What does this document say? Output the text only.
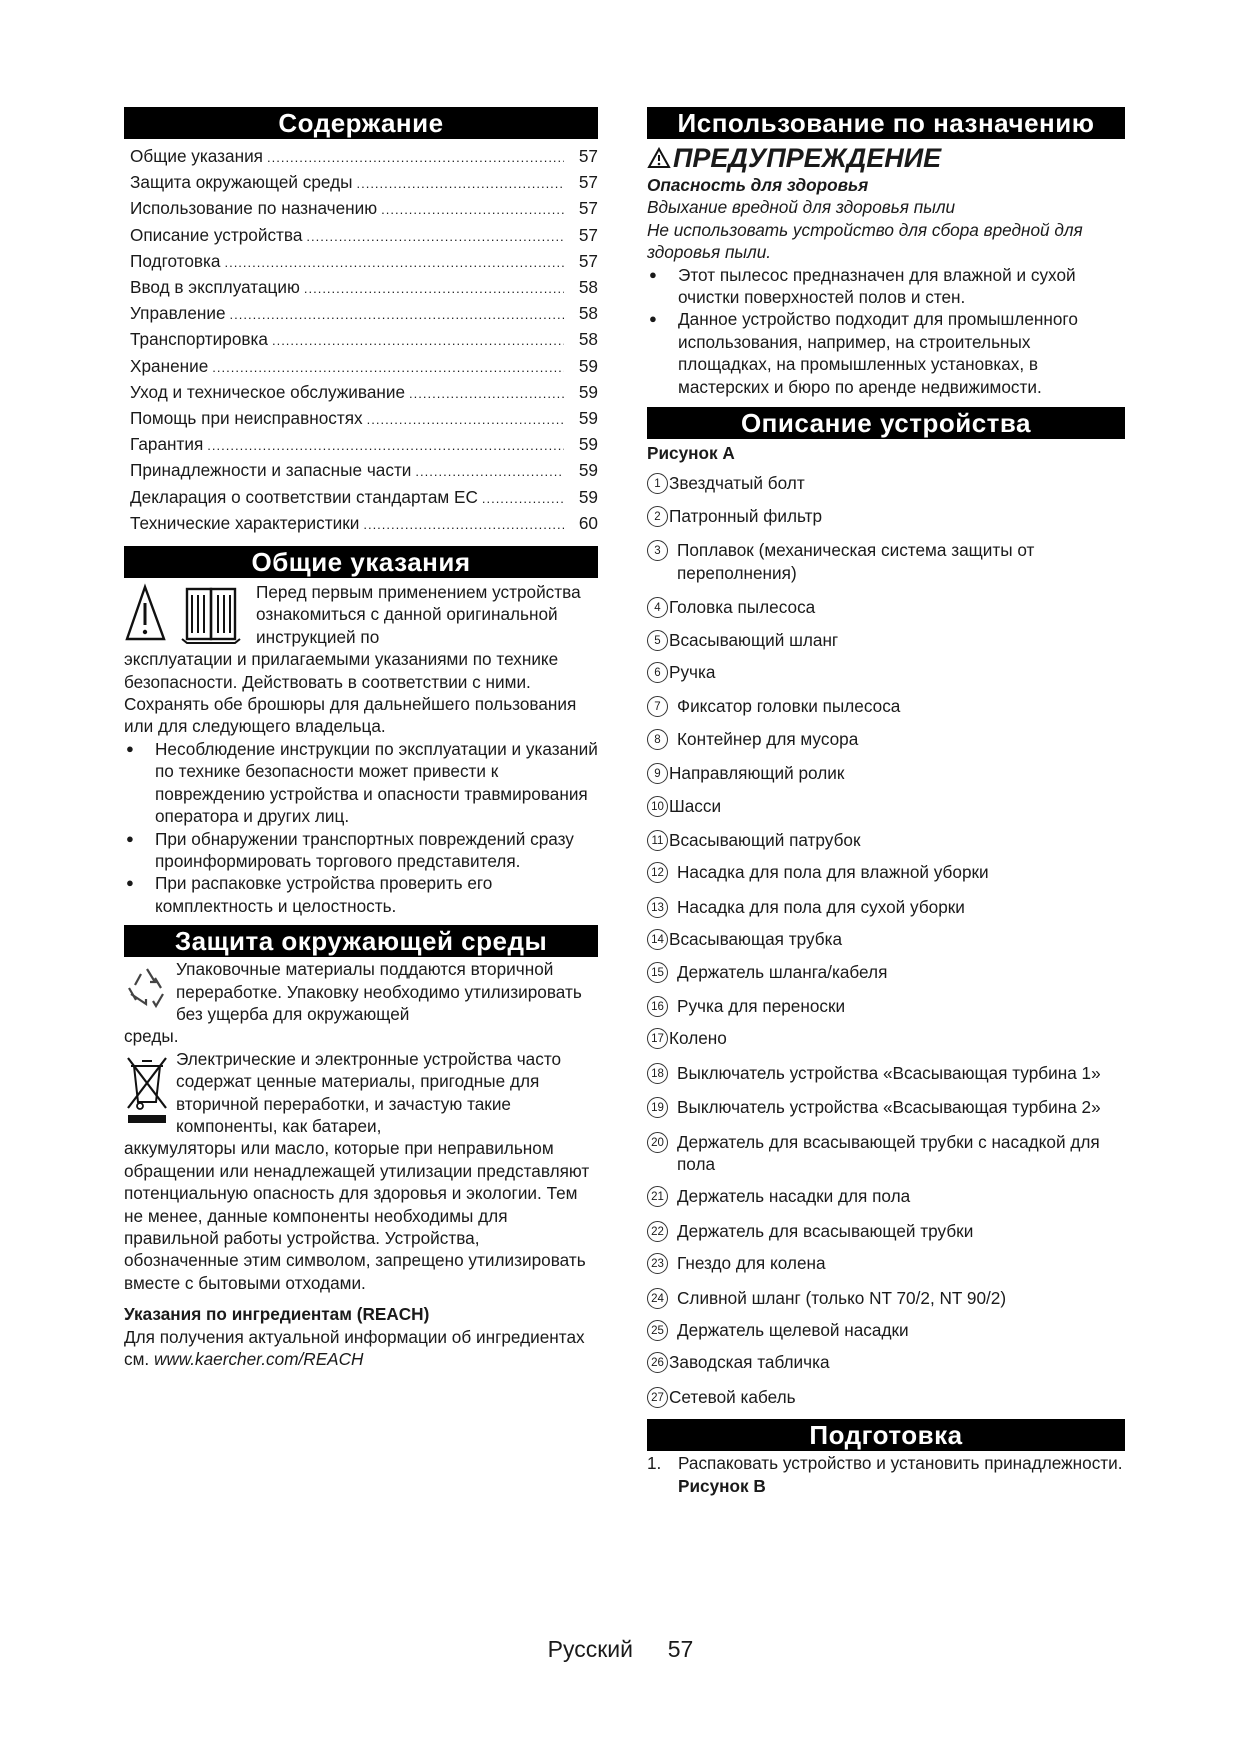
Содержание
Общие указания .....	57
Защита окружающей среды .....	57
Использование по назначению .....	57
Описание устройства .....	57
Подготовка .....	57
Ввод в эксплуатацию .....	58
Управление .....	58
Транспортировка .....	58
Хранение .....	59
Уход и техническое обслуживание .....	59
Помощь при неисправностях .....	59
Гарантия .....	59
Принадлежности и запасные части .....	59
Декларация о соответствии стандартам ЕС .....	59
Технические характеристики .....	60
Общие указания
Перед первым применением устройства ознакомиться с данной оригинальной инструкцией по
эксплуатации и прилагаемыми указаниями по технике безопасности. Действовать в соответствии с ними.
Сохранять обе брошюры для дальнейшего пользования или для следующего владельца.
● Несоблюдение инструкции по эксплуатации и указаний по технике безопасности может привести к повреждению устройства и опасности травмирования оператора и других лиц.
● При обнаружении транспортных повреждений сразу проинформировать торгового представителя.
● При распаковке устройства проверить его комплектность и целостность.
Защита окружающей среды
Упаковочные материалы поддаются вторичной переработке. Упаковку необходимо утилизировать без ущерба для окружающей
среды.
Электрические и электронные устройства часто содержат ценные материалы, пригодные для вторичной переработки, и зачастую такие компоненты, как батареи,
аккумуляторы или масло, которые при неправильном обращении или ненадлежащей утилизации представляют потенциальную опасность для здоровья и экологии. Тем не менее, данные компоненты необходимы для правильной работы устройства. Устройства, обозначенные этим символом, запрещено утилизировать вместе с бытовыми отходами.
Указания по ингредиентам (REACH)
Для получения актуальной информации об ингредиентах см. www.kaercher.com/REACH
Использование по назначению
ПРЕДУПРЕЖДЕНИЕ
Опасность для здоровья
Вдыхание вредной для здоровья пыли
Не использовать устройство для сбора вредной для здоровья пыли.
● Этот пылесос предназначен для влажной и сухой очистки поверхностей полов и стен.
● Данное устройство подходит для промышленного использования, например, на строительных площадках, на промышленных установках, в мастерских и бюро по аренде недвижимости.
Описание устройства
Рисунок A
1 Звездчатый болт
2 Патронный фильтр
3 Поплавок (механическая система защиты от переполнения)
4 Головка пылесоса
5 Всасывающий шланг
6 Ручка
7 Фиксатор головки пылесоса
8 Контейнер для мусора
9 Направляющий ролик
10 Шасси
11 Всасывающий патрубок
12 Насадка для пола для влажной уборки
13 Насадка для пола для сухой уборки
14 Всасывающая трубка
15 Держатель шланга/кабеля
16 Ручка для переноски
17 Колено
18 Выключатель устройства «Всасывающая турбина 1»
19 Выключатель устройства «Всасывающая турбина 2»
20 Держатель для всасывающей трубки с насадкой для пола
21 Держатель насадки для пола
22 Держатель для всасывающей трубки
23 Гнездо для колена
24 Сливной шланг (только NT 70/2, NT 90/2)
25 Держатель щелевой насадки
26 Заводская табличка
27 Сетевой кабель
Подготовка
1. Распаковать устройство и установить принадлежности.
Рисунок B
Русский 57
